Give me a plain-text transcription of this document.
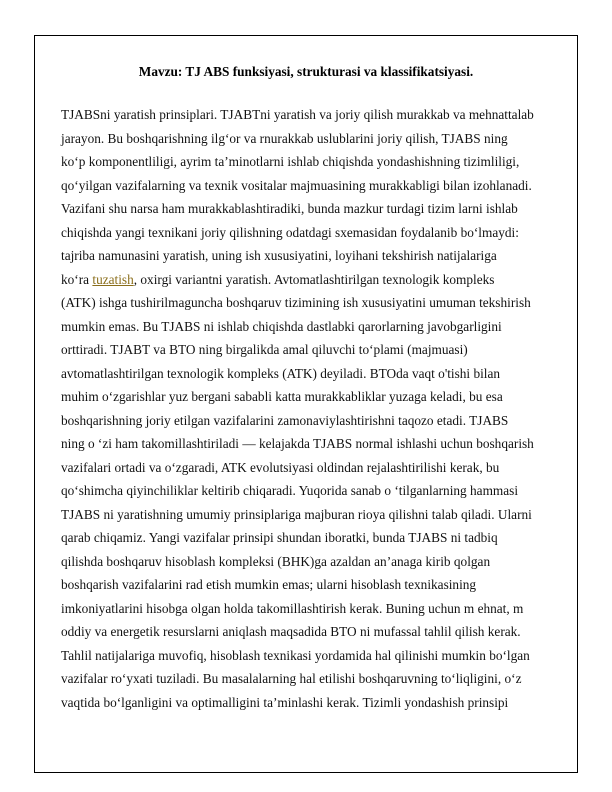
Mavzu: TJ ABS funksiyasi, strukturasi va klassifikatsiyasi.
TJABSni yaratish prinsiplari. TJABTni yaratish va joriy qilish murakkab va mehnattalab
jarayon. Bu boshqarishning ilg‘or va rnurakkab uslublarini joriy qilish, TJABS ning
ko‘p komponentliligi, ayrim ta’minotlarni ishlab chiqishda yondashishning tizimliligi,
qo‘yilgan vazifalarning va texnik vositalar majmuasining murakkabligi bilan izohlanadi.
Vazifani shu narsa ham murakkablashtiradiki, bunda mazkur turdagi tizim larni ishlab
chiqishda yangi texnikani joriy qilishning odatdagi sxemasidan foydalanib bo‘lmaydi:
tajriba namunasini yaratish, uning ish xususiyatini, loyihani tekshirish natijalariga
ko‘ra tuzatish, oxirgi variantni yaratish. Avtomatlashtirilgan texnologik kompleks
(ATK) ishga tushirilmaguncha boshqaruv tizimining ish xususiyatini umuman tekshirish
mumkin emas. Bu TJABS ni ishlab chiqishda dastlabki qarorlarning javobgarligini
orttiradi. TJABT va BTO ning birgalikda amal qiluvchi to‘plami (majmuasi)
avtomatlashtirilgan texnologik kompleks (ATK) deyiladi. BTOda vaqt o'tishi bilan
muhim o‘zgarishlar yuz bergani sababli katta murakkabliklar yuzaga keladi, bu esa
boshqarishning joriy etilgan vazifalarini zamonaviylashtirishni taqozo etadi. TJABS
ning o ‘zi ham takomillashtiriladi — kelajakda TJABS normal ishlashi uchun boshqarish
vazifalari ortadi va o‘zgaradi, ATK evolutsiyasi oldindan rejalashtirilishi kerak, bu
qo‘shimcha qiyinchiliklar keltirib chiqaradi. Yuqorida sanab o ‘tilganlarning hammasi
TJABS ni yaratishning umumiy prinsiplariga majburan rioya qilishni talab qiladi. Ularni
qarab chiqamiz. Yangi vazifalar prinsipi shundan iboratki, bunda TJABS ni tadbiq
qilishda boshqaruv hisoblash kompleksi (BHK)ga azaldan an’anaga kirib qolgan
boshqarish vazifalarini rad etish mumkin emas; ularni hisoblash texnikasining
imkoniyatlarini hisobga olgan holda takomillashtirish kerak. Buning uchun m ehnat, m
oddiy va energetik resurslarni aniqlash maqsadida BTO ni mufassal tahlil qilish kerak.
Tahlil natijalariga muvofiq, hisoblash texnikasi yordamida hal qilinishi mumkin bo‘lgan
vazifalar ro‘yxati tuziladi. Bu masalalarning hal etilishi boshqaruvning to‘liqligini, o‘z
vaqtida bo‘lganligini va optimalligini ta’minlashi kerak. Tizimli yondashish prinsipi
